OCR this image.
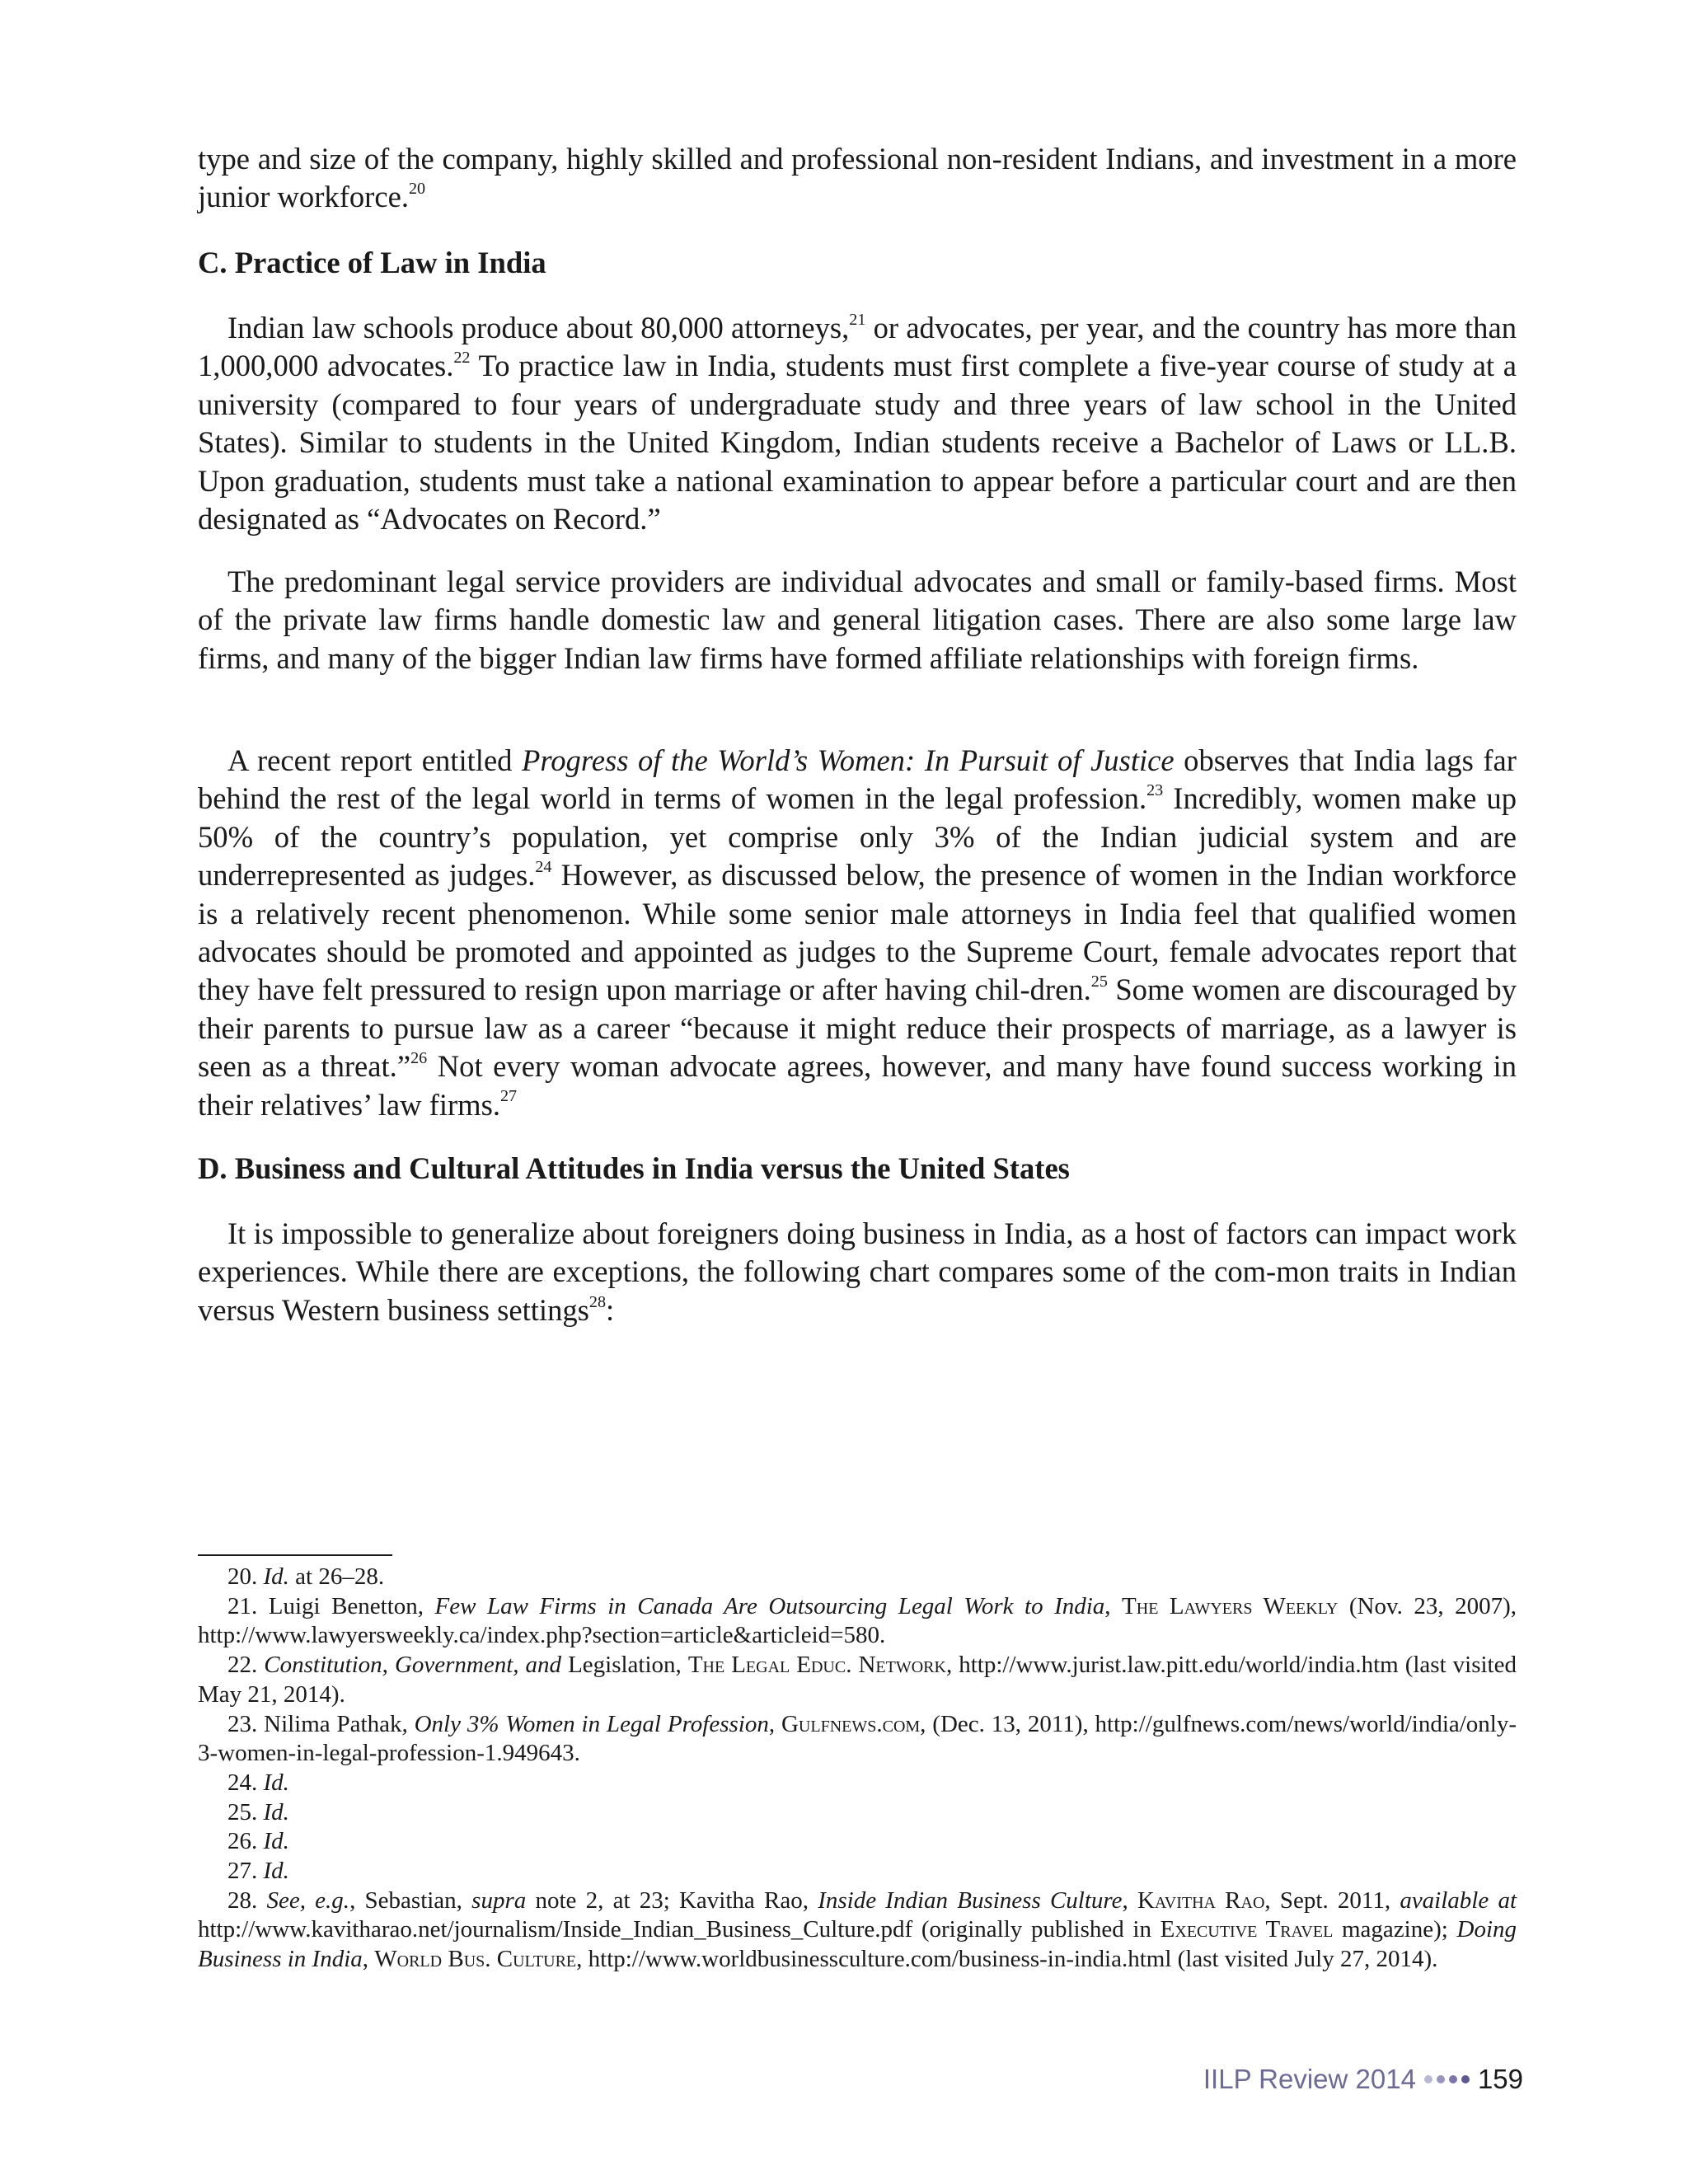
type and size of the company, highly skilled and professional non-resident Indians, and investment in a more junior workforce.$^{20}$

C. Practice of Law in India

Indian law schools produce about 80,000 attorneys,$^{21}$ or advocates, per year, and the country has more than 1,000,000 advocates.$^{22}$ To practice law in India, students must first complete a five-year course of study at a university (compared to four years of undergraduate study and three years of law school in the United States). Similar to students in the United Kingdom, Indian students receive a Bachelor of Laws or LL.B. Upon graduation, students must take a national examination to appear before a particular court and are then designated as “Advocates on Record.”

The predominant legal service providers are individual advocates and small or family-based firms. Most of the private law firms handle domestic law and general litigation cases. There are also some large law firms, and many of the bigger Indian law firms have formed affiliate relationships with foreign firms.

A recent report entitled Progress of the World’s Women: In Pursuit of Justice observes that India lags far behind the rest of the legal world in terms of women in the legal profession.$^{23}$ Incredibly, women make up 50% of the country’s population, yet comprise only 3% of the Indian judicial system and are underrepresented as judges.$^{24}$ However, as discussed below, the presence of women in the Indian workforce is a relatively recent phenomenon. While some senior male attorneys in India feel that qualified women advocates should be promoted and appointed as judges to the Supreme Court, female advocates report that they have felt pressured to resign upon marriage or after having chil-dren.$^{25}$ Some women are discouraged by their parents to pursue law as a career “because it might reduce their prospects of marriage, as a lawyer is seen as a threat.”$^{26}$ Not every woman advocate agrees, however, and many have found success working in their relatives’ law firms.$^{27}$

D. Business and Cultural Attitudes in India versus the United States

It is impossible to generalize about foreigners doing business in India, as a host of factors can impact work experiences. While there are exceptions, the following chart compares some of the com-mon traits in Indian versus Western business settings$^{28}$:

20. Id. at 26–28.

21. Luigi Benetton, Few Law Firms in Canada Are Outsourcing Legal Work to India, The Lawyers Weekly (Nov. 23, 2007), http://www.lawyersweekly.ca/index.php?section=article&articleid=580.

22. Constitution, Government, and Legislation, The Legal Educ. Network, http://www.jurist.law.pitt.edu/world/india.htm (last visited May 21, 2014).

23. Nilima Pathak, Only 3% Women in Legal Profession, Gulfnews.com, (Dec. 13, 2011), http://gulfnews.com/news/world/india/only-3-women-in-legal-profession-1.949643.

24. Id.

25. Id.

26. Id.

27. Id.

28. See, e.g., Sebastian, supra note 2, at 23; Kavitha Rao, Inside Indian Business Culture, Kavitha Rao, Sept. 2011, available at http://www.kavitharao.net/journalism/Inside_Indian_Business_Culture.pdf (originally published in Executive Travel magazine); Doing Business in India, World Bus. Culture, http://www.worldbusinessculture.com/business-in-india.html (last visited July 27, 2014).

IILP Review 2014 159
